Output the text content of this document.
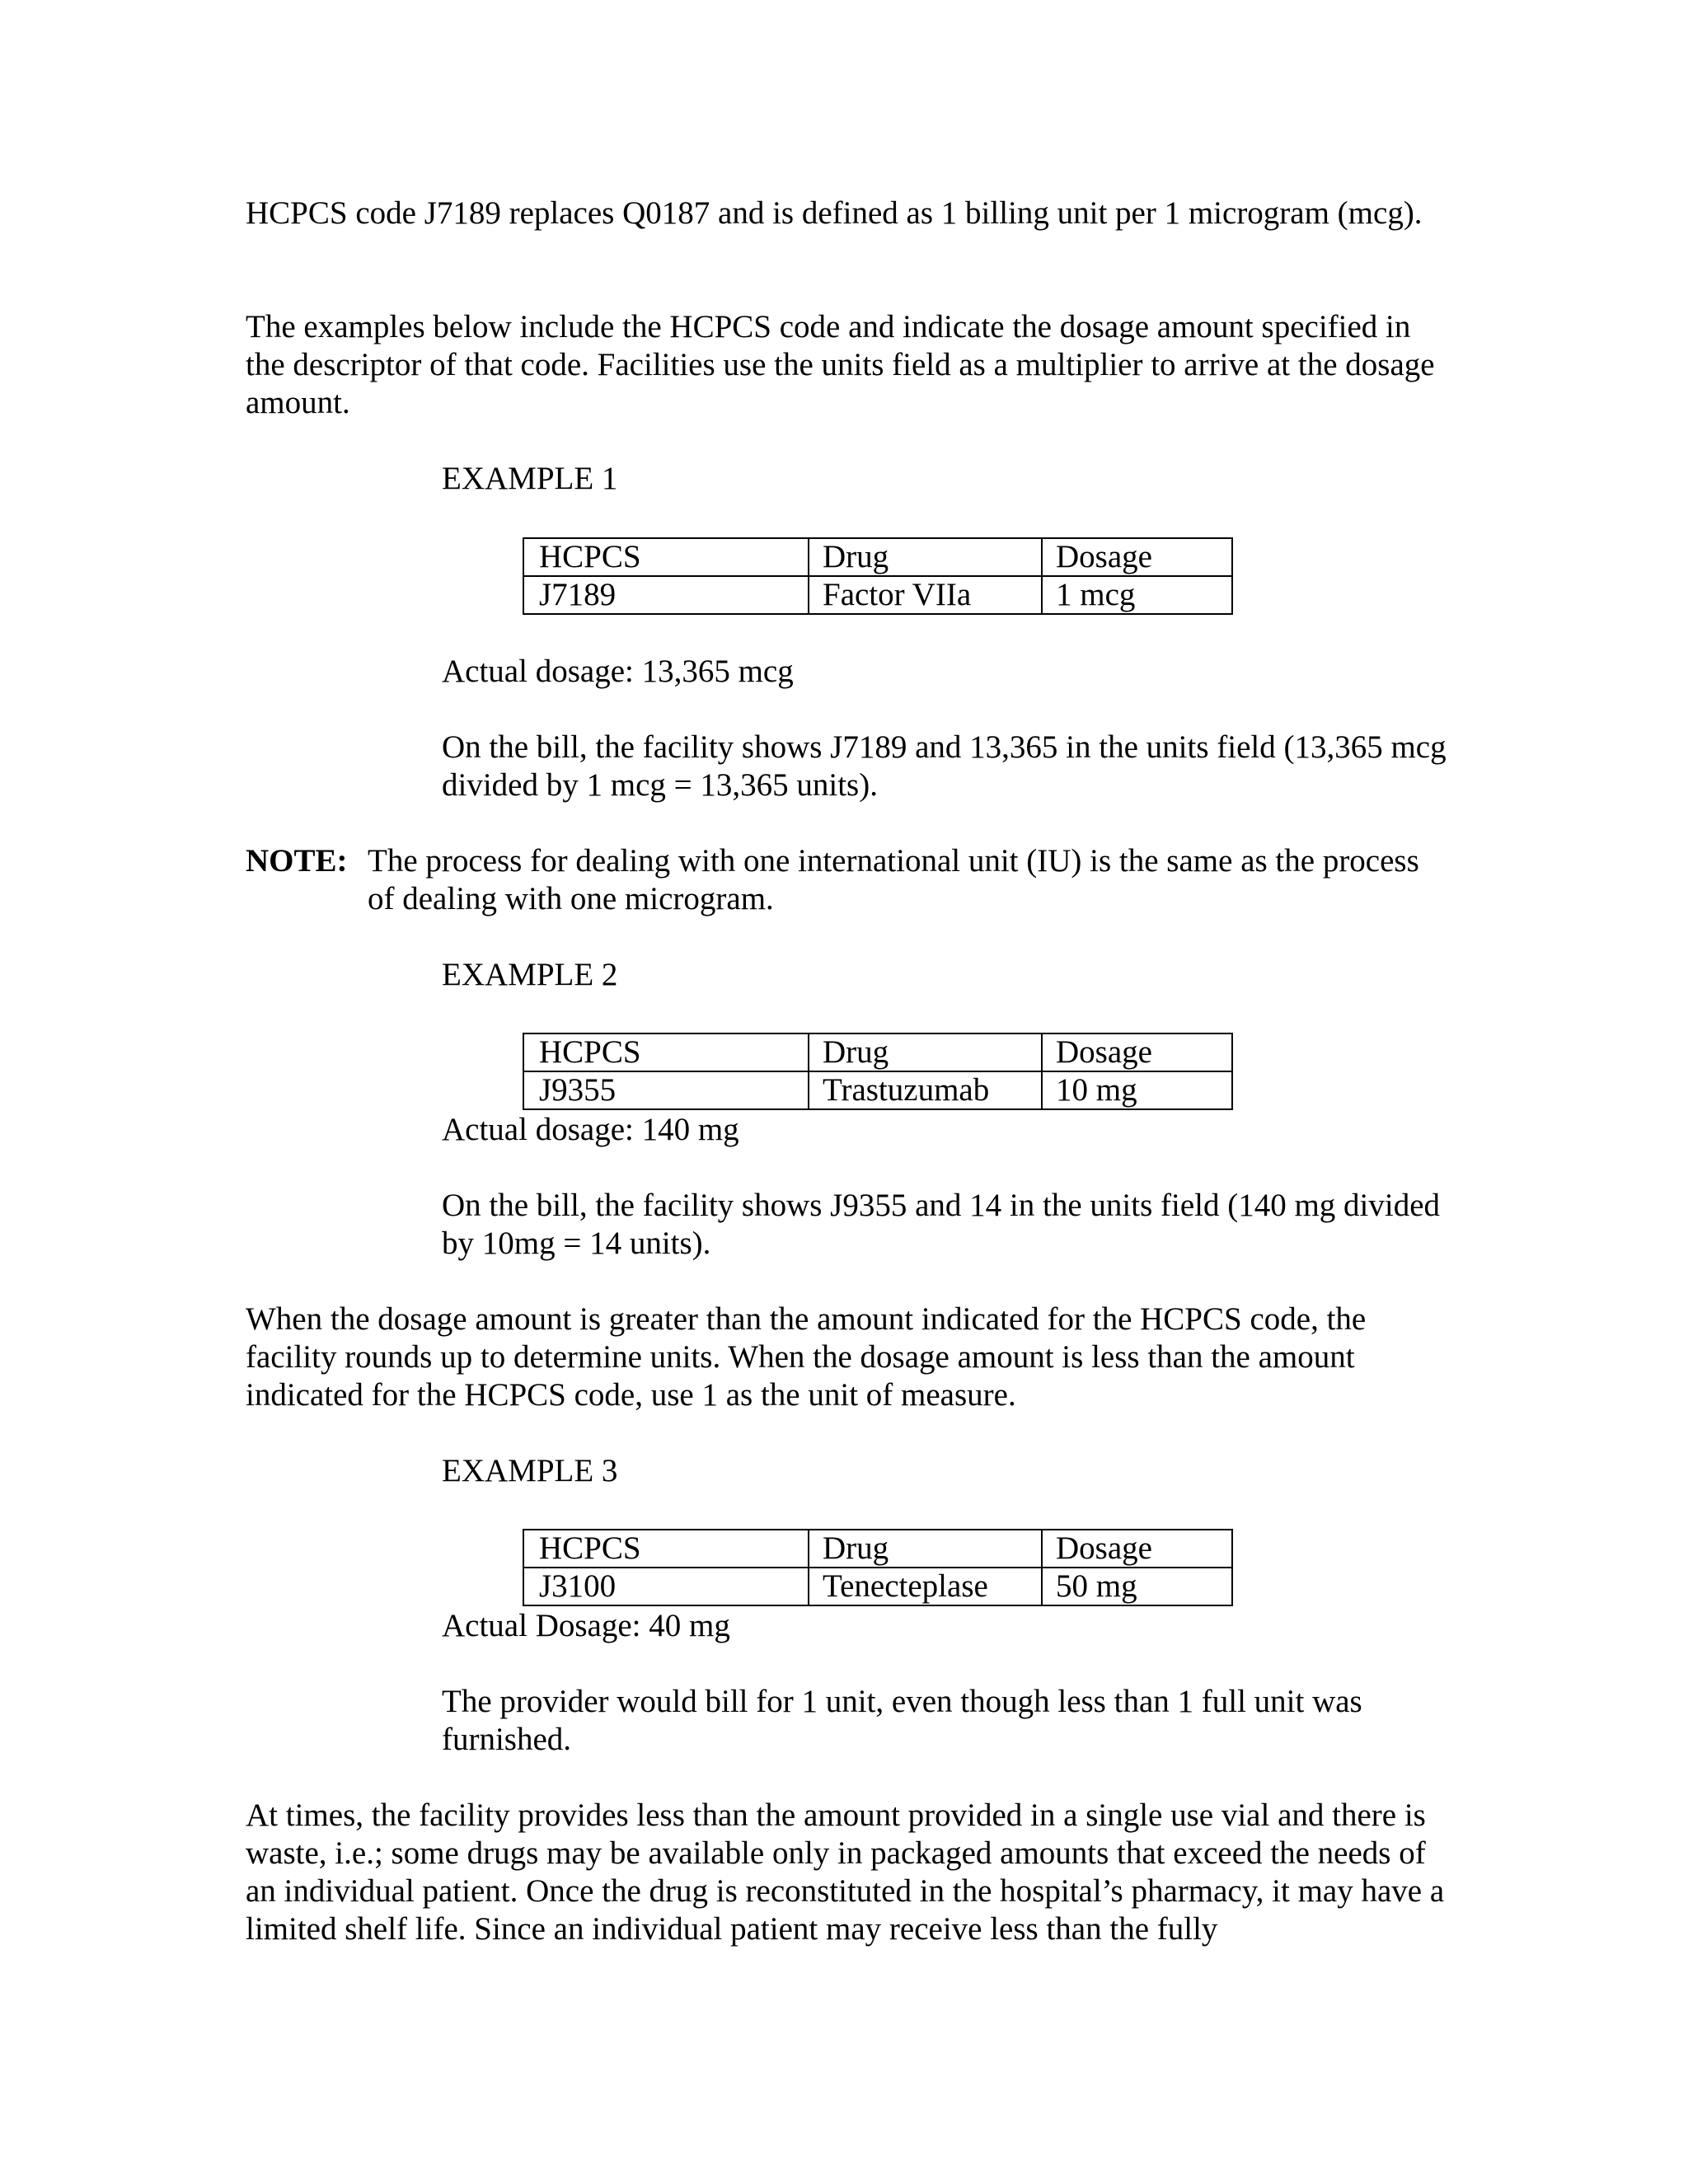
HCPCS code J7189 replaces Q0187 and is defined as 1 billing unit per 1 microgram (mcg).

The examples below include the HCPCS code and indicate the dosage amount specified in the descriptor of that code. Facilities use the units field as a multiplier to arrive at the dosage amount.

EXAMPLE 1
HCPCS	Drug	Dosage
J7189	Factor VIIa	1 mcg
Actual dosage: 13,365 mcg

On the bill, the facility shows J7189 and 13,365 in the units field (13,365 mcg divided by 1 mcg = 13,365 units).

NOTE: The process for dealing with one international unit (IU) is the same as the process of dealing with one microgram.
EXAMPLE 2
HCPCS	Drug	Dosage
J9355	Trastuzumab	10 mg
Actual dosage: 140 mg

On the bill, the facility shows J9355 and 14 in the units field (140 mg divided by 10mg = 14 units).

When the dosage amount is greater than the amount indicated for the HCPCS code, the facility rounds up to determine units. When the dosage amount is less than the amount indicated for the HCPCS code, use 1 as the unit of measure.

EXAMPLE 3
HCPCS	Drug	Dosage
J3100	Tenecteplase	50 mg
Actual Dosage: 40 mg

The provider would bill for 1 unit, even though less than 1 full unit was furnished.

At times, the facility provides less than the amount provided in a single use vial and there is waste, i.e.; some drugs may be available only in packaged amounts that exceed the needs of an individual patient. Once the drug is reconstituted in the hospital’s pharmacy, it may have a limited shelf life. Since an individual patient may receive less than the fully
